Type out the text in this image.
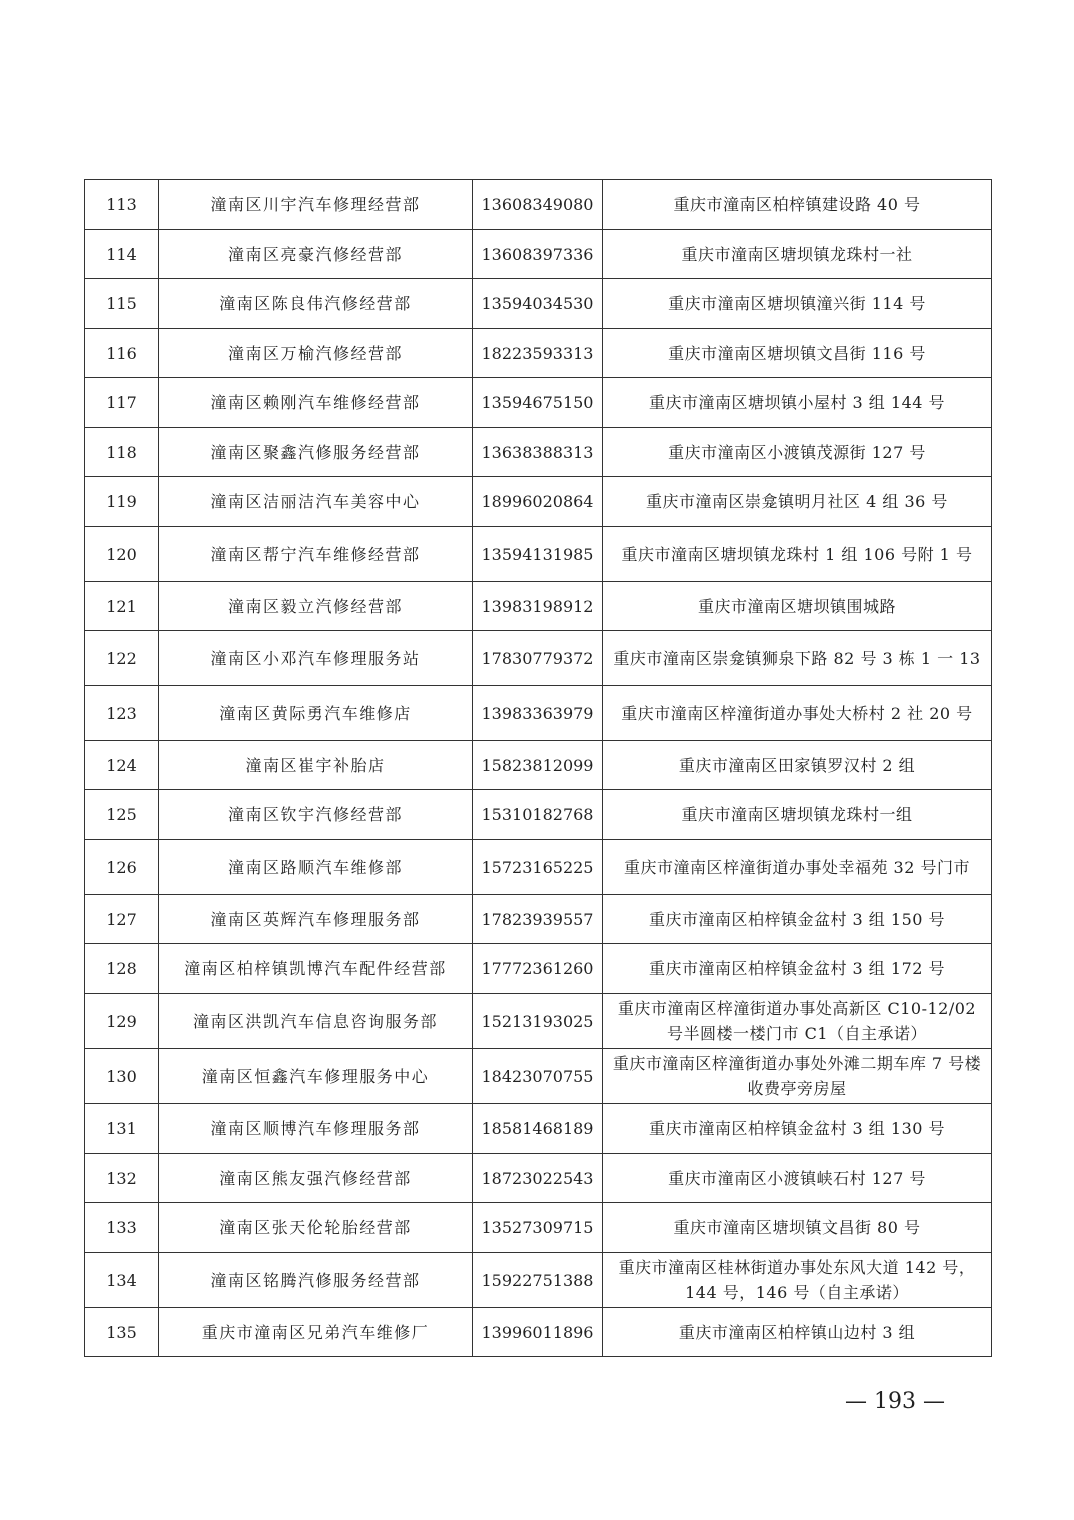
113	潼南区川宇汽车修理经营部	13608349080	重庆市潼南区柏梓镇建设路 40 号
114	潼南区亮豪汽修经营部	13608397336	重庆市潼南区塘坝镇龙珠村一社
115	潼南区陈良伟汽修经营部	13594034530	重庆市潼南区塘坝镇潼兴街 114 号
116	潼南区万榆汽修经营部	18223593313	重庆市潼南区塘坝镇文昌街 116 号
117	潼南区赖刚汽车维修经营部	13594675150	重庆市潼南区塘坝镇小屋村 3 组 144 号
118	潼南区聚鑫汽修服务经营部	13638388313	重庆市潼南区小渡镇茂源街 127 号
119	潼南区洁丽洁汽车美容中心	18996020864	重庆市潼南区崇龛镇明月社区 4 组 36 号
120	潼南区帮宁汽车维修经营部	13594131985	重庆市潼南区塘坝镇龙珠村 1 组 106 号附 1 号
121	潼南区毅立汽修经营部	13983198912	重庆市潼南区塘坝镇围城路
122	潼南区小邓汽车修理服务站	17830779372	重庆市潼南区崇龛镇狮泉下路 82 号 3 栋 1 一 13
123	潼南区黄际勇汽车维修店	13983363979	重庆市潼南区梓潼街道办事处大桥村 2 社 20 号
124	潼南区崔宇补胎店	15823812099	重庆市潼南区田家镇罗汉村 2 组
125	潼南区钦宇汽修经营部	15310182768	重庆市潼南区塘坝镇龙珠村一组
126	潼南区路顺汽车维修部	15723165225	重庆市潼南区梓潼街道办事处幸福苑 32 号门市
127	潼南区英辉汽车修理服务部	17823939557	重庆市潼南区柏梓镇金盆村 3 组 150 号
128	潼南区柏梓镇凯博汽车配件经营部	17772361260	重庆市潼南区柏梓镇金盆村 3 组 172 号
129	潼南区洪凯汽车信息咨询服务部	15213193025	重庆市潼南区梓潼街道办事处高新区 C10-12/02 号半圆楼一楼门市 C1（自主承诺）
130	潼南区恒鑫汽车修理服务中心	18423070755	重庆市潼南区梓潼街道办事处外滩二期车库 7 号楼收费亭旁房屋
131	潼南区顺博汽车修理服务部	18581468189	重庆市潼南区柏梓镇金盆村 3 组 130 号
132	潼南区熊友强汽修经营部	18723022543	重庆市潼南区小渡镇峡石村 127 号
133	潼南区张天伦轮胎经营部	13527309715	重庆市潼南区塘坝镇文昌街 80 号
134	潼南区铭腾汽修服务经营部	15922751388	重庆市潼南区桂林街道办事处东风大道 142 号，144 号，146 号（自主承诺）
135	重庆市潼南区兄弟汽车维修厂	13996011896	重庆市潼南区柏梓镇山边村 3 组
— 193 —
